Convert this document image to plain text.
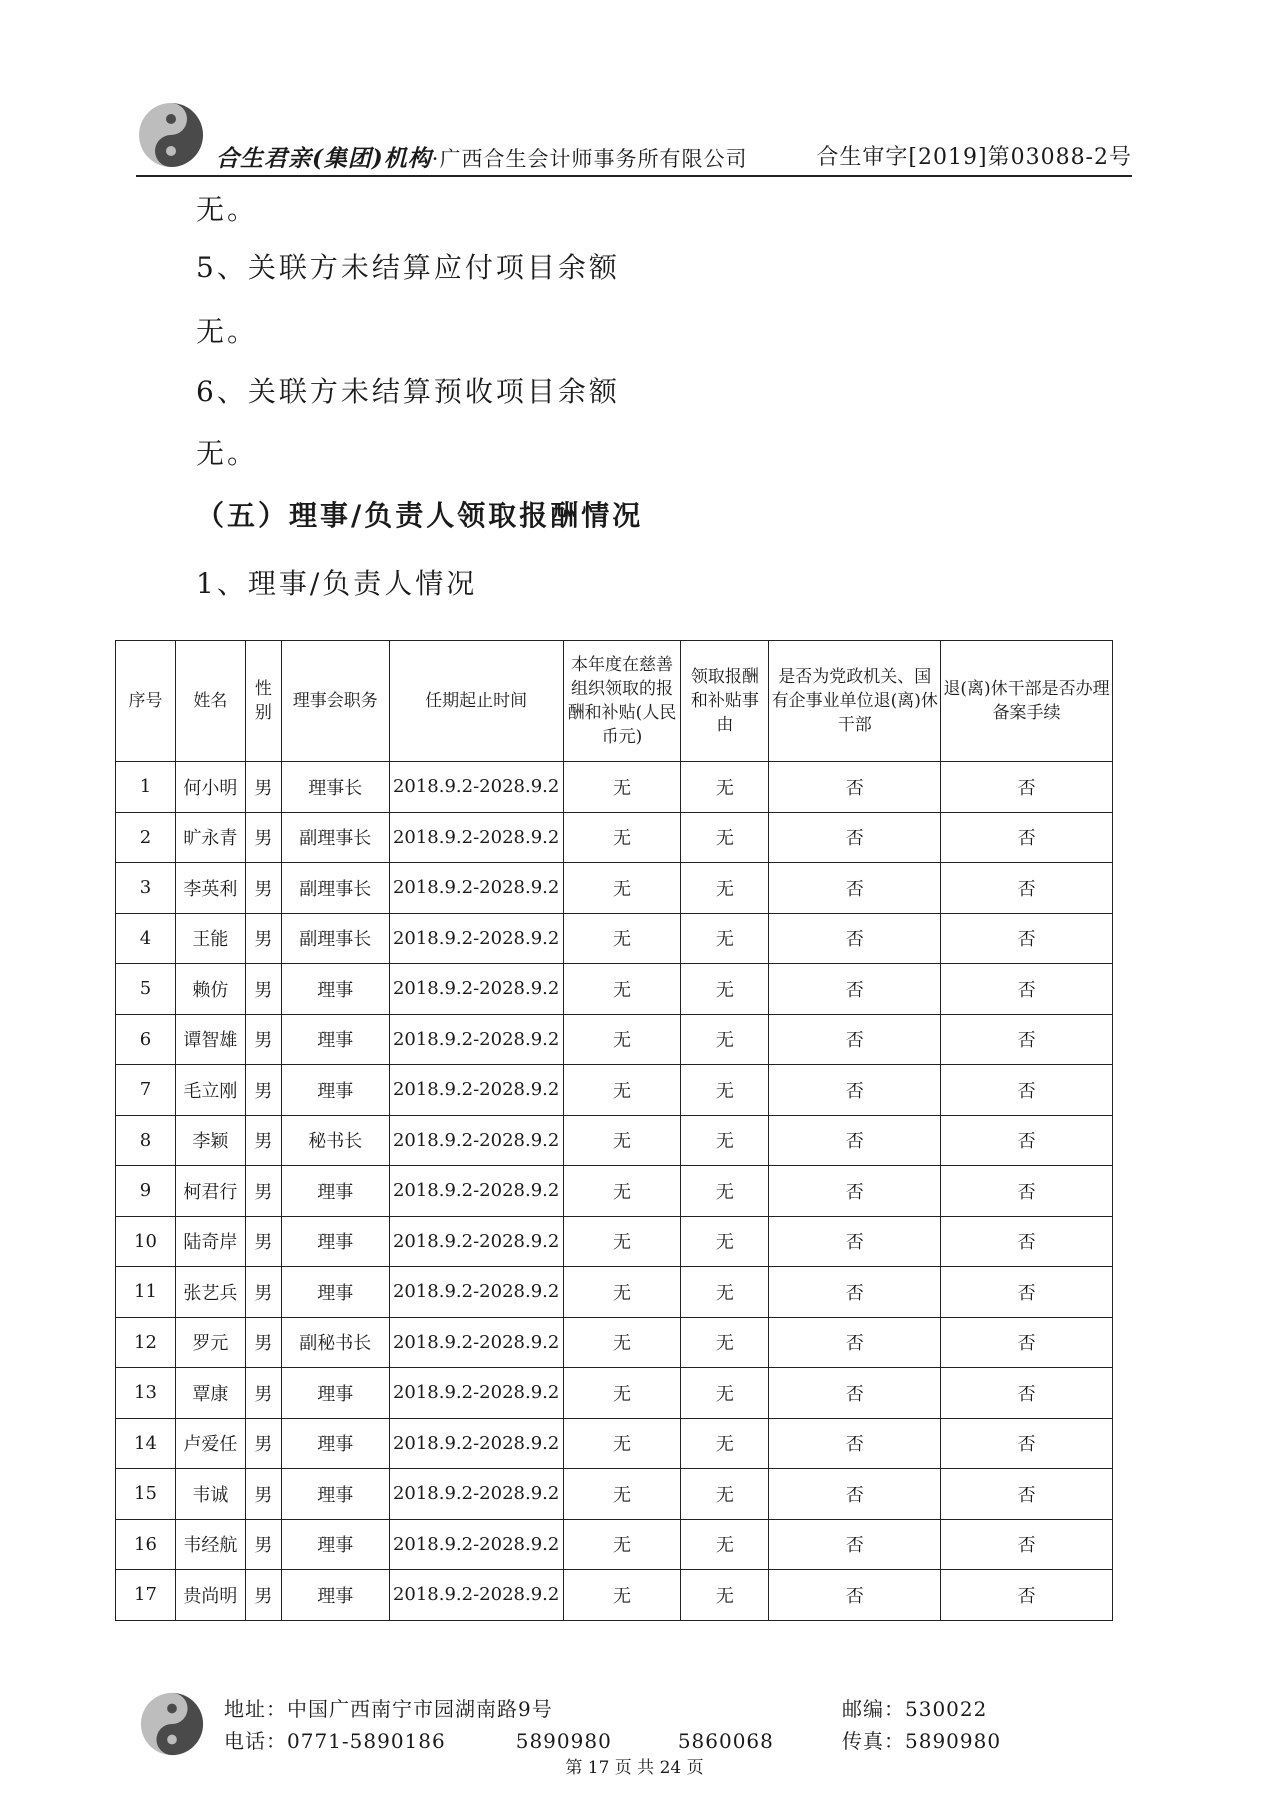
合生君亲(集团)机构·广西合生会计师事务所有限公司	合生审字[2019]第03088-2号
无。
5、关联方未结算应付项目余额
无。
6、关联方未结算预收项目余额
无。
（五）理事/负责人领取报酬情况
1、理事/负责人情况
序号	姓名	性别	理事会职务	任期起止时间	本年度在慈善组织领取的报酬和补贴(人民币元)	领取报酬和补贴事由	是否为党政机关、国有企事业单位退(离)休干部	退(离)休干部是否办理备案手续
1	何小明	男	理事长	2018.9.2-2028.9.2	无	无	否	否
2	旷永青	男	副理事长	2018.9.2-2028.9.2	无	无	否	否
3	李英利	男	副理事长	2018.9.2-2028.9.2	无	无	否	否
4	王能	男	副理事长	2018.9.2-2028.9.2	无	无	否	否
5	赖仿	男	理事	2018.9.2-2028.9.2	无	无	否	否
6	谭智雄	男	理事	2018.9.2-2028.9.2	无	无	否	否
7	毛立刚	男	理事	2018.9.2-2028.9.2	无	无	否	否
8	李颖	男	秘书长	2018.9.2-2028.9.2	无	无	否	否
9	柯君行	男	理事	2018.9.2-2028.9.2	无	无	否	否
10	陆奇岸	男	理事	2018.9.2-2028.9.2	无	无	否	否
11	张艺兵	男	理事	2018.9.2-2028.9.2	无	无	否	否
12	罗元	男	副秘书长	2018.9.2-2028.9.2	无	无	否	否
13	覃康	男	理事	2018.9.2-2028.9.2	无	无	否	否
14	卢爱任	男	理事	2018.9.2-2028.9.2	无	无	否	否
15	韦诚	男	理事	2018.9.2-2028.9.2	无	无	否	否
16	韦经航	男	理事	2018.9.2-2028.9.2	无	无	否	否
17	贵尚明	男	理事	2018.9.2-2028.9.2	无	无	否	否
地址：中国广西南宁市园湖南路9号
电话：0771-5890186	5890980	5860068
邮编：530022
传真：5890980
第 17 页 共 24 页
